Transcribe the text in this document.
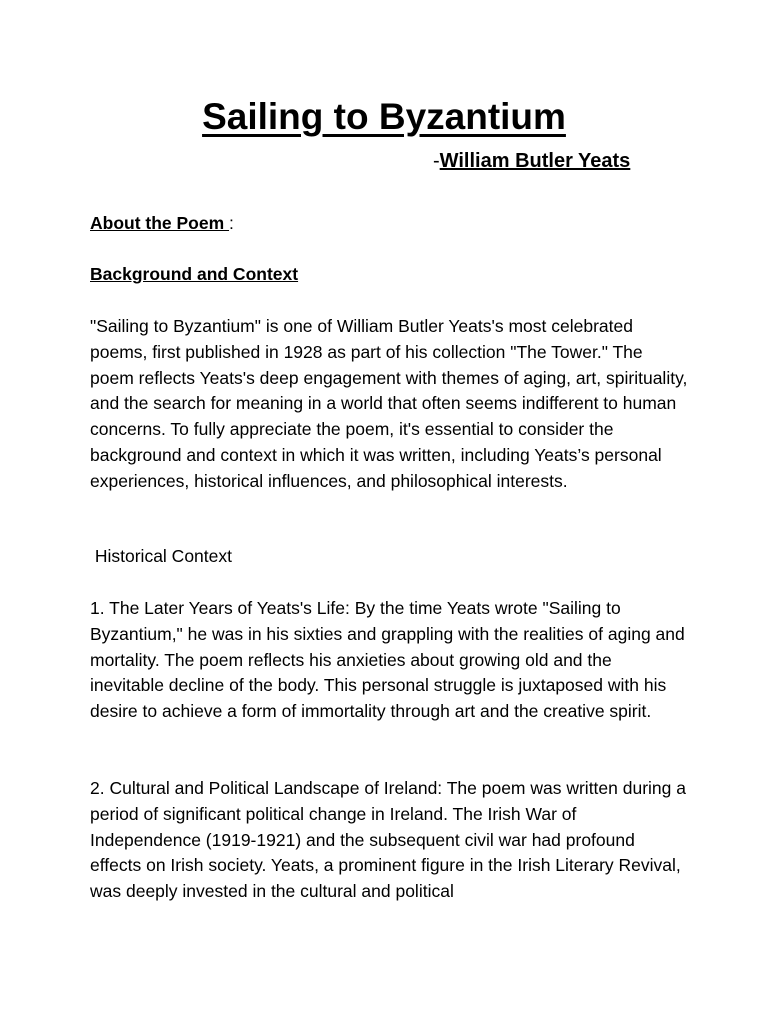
Sailing to Byzantium
-William Butler Yeats

About the Poem :

Background and Context

"Sailing to Byzantium" is one of William Butler Yeats's most celebrated poems, first published in 1928 as part of his collection "The Tower." The poem reflects Yeats's deep engagement with themes of aging, art, spirituality, and the search for meaning in a world that often seems indifferent to human concerns. To fully appreciate the poem, it's essential to consider the background and context in which it was written, including Yeats’s personal experiences, historical influences, and philosophical interests.

Historical Context

1. The Later Years of Yeats's Life: By the time Yeats wrote "Sailing to Byzantium," he was in his sixties and grappling with the realities of aging and mortality. The poem reflects his anxieties about growing old and the inevitable decline of the body. This personal struggle is juxtaposed with his desire to achieve a form of immortality through art and the creative spirit.

2. Cultural and Political Landscape of Ireland: The poem was written during a period of significant political change in Ireland. The Irish War of Independence (1919-1921) and the subsequent civil war had profound effects on Irish society. Yeats, a prominent figure in the Irish Literary Revival, was deeply invested in the cultural and political
